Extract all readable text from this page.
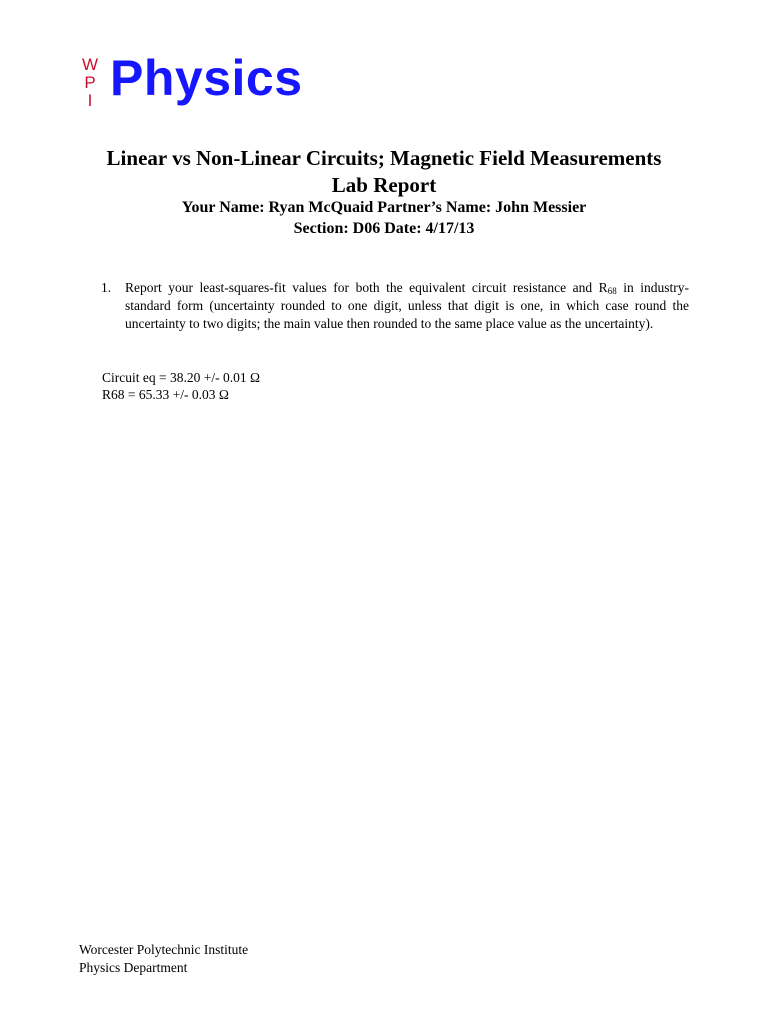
W
P
I Physics
Linear vs Non-Linear Circuits; Magnetic Field Measurements
Lab Report
Your Name: Ryan McQuaid Partner’s Name: John Messier
Section: D06 Date: 4/17/13
1. Report your least-squares-fit values for both the equivalent circuit resistance and $R_{68}$ in industry-standard form (uncertainty rounded to one digit, unless that digit is one, in which case round the uncertainty to two digits; the main value then rounded to the same place value as the uncertainty).
Circuit eq = 38.20 +/- 0.01 Ω
R68 = 65.33 +/- 0.03 Ω
Worcester Polytechnic Institute
Physics Department
